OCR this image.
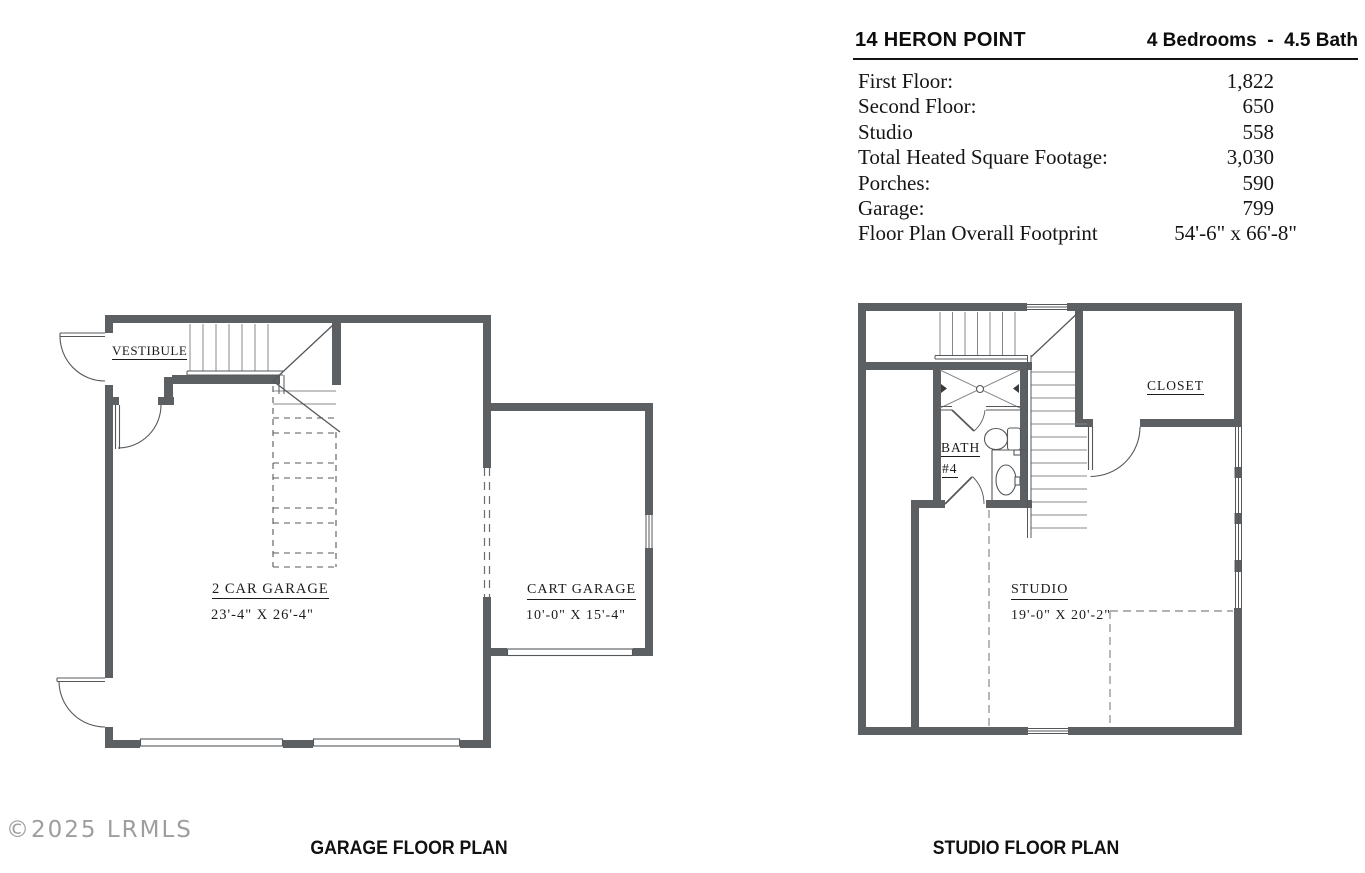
14 HERON POINT	4 Bedrooms  -  4.5 Bath
First Floor:	1,822
Second Floor:	650
Studio	558
Total Heated Square Footage:	3,030
Porches:	590
Garage:	799
Floor Plan Overall Footprint	54'-6" x 66'-8"
VESTIBULE
2 CAR GARAGE
23'-4" X 26'-4"
CART GARAGE
10'-0" X 15'-4"
CLOSET
BATH
#4
STUDIO
19'-0" X 20'-2"
GARAGE FLOOR PLAN	STUDIO FLOOR PLAN
©2025 LRMLS
